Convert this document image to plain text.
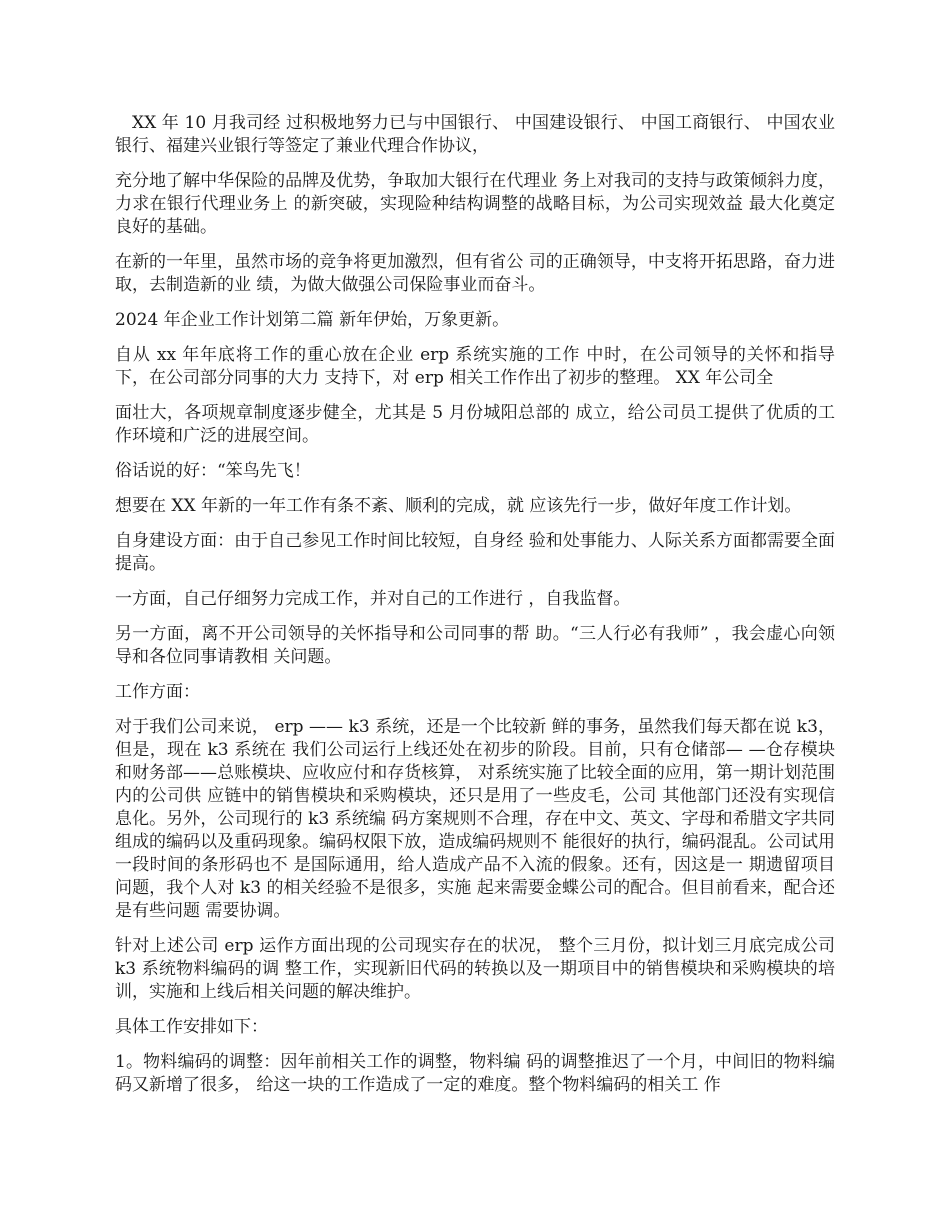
XX 年 10 月我司经 过积极地努力已与中国银行、 中国建设银行、 中国工商银行、 中国农业银行、福建兴业银行等签定了兼业代理合作协议，

充分地了解中华保险的品牌及优势，争取加大银行在代理业 务上对我司的支持与政策倾斜力度，力求在银行代理业务上 的新突破，实现险种结构调整的战略目标，为公司实现效益 最大化奠定良好的基础。

在新的一年里，虽然市场的竞争将更加激烈，但有省公 司的正确领导，中支将开拓思路，奋力进取，去制造新的业 绩，为做大做强公司保险事业而奋斗。

2024 年企业工作计划第二篇 新年伊始，万象更新。

自从 xx 年年底将工作的重心放在企业 erp 系统实施的工作 中时，在公司领导的关怀和指导下，在公司部分同事的大力 支持下，对 erp 相关工作作出了初步的整理。 XX 年公司全

面壮大，各项规章制度逐步健全，尤其是 5 月份城阳总部的 成立，给公司员工提供了优质的工作环境和广泛的进展空间。

俗话说的好：“笨鸟先飞！

想要在 XX 年新的一年工作有条不紊、顺利的完成，就 应该先行一步，做好年度工作计划。

自身建设方面：由于自己参见工作时间比较短，自身经 验和处事能力、人际关系方面都需要全面提高。

一方面，自己仔细努力完成工作，并对自己的工作进行 ，自我监督。

另一方面，离不开公司领导的关怀指导和公司同事的帮 助。“三人行必有我师” ，我会虚心向领导和各位同事请教相 关问题。

工作方面：

对于我们公司来说， erp —— k3 系统，还是一个比较新 鲜的事务，虽然我们每天都在说 k3，但是，现在 k3 系统在 我们公司运行上线还处在初步的阶段。目前，只有仓储部— —仓存模块和财务部——总账模块、应收应付和存货核算， 对系统实施了比较全面的应用，第一期计划范围内的公司供 应链中的销售模块和采购模块，还只是用了一些皮毛，公司 其他部门还没有实现信息化。另外，公司现行的 k3 系统编 码方案规则不合理，存在中文、英文、字母和希腊文字共同 组成的编码以及重码现象。编码权限下放，造成编码规则不 能很好的执行，编码混乱。公司试用一段时间的条形码也不 是国际通用，给人造成产品不入流的假象。还有，因这是一 期遗留项目问题，我个人对 k3 的相关经验不是很多，实施 起来需要金蝶公司的配合。但目前看来，配合还是有些问题 需要协调。

针对上述公司 erp 运作方面出现的公司现实存在的状况， 整个三月份，拟计划三月底完成公司 k3 系统物料编码的调 整工作，实现新旧代码的转换以及一期项目中的销售模块和采购模块的培训，实施和上线后相关问题的解决维护。

具体工作安排如下：

1。物料编码的调整：因年前相关工作的调整，物料编 码的调整推迟了一个月，中间旧的物料编码又新增了很多， 给这一块的工作造成了一定的难度。整个物料编码的相关工 作
